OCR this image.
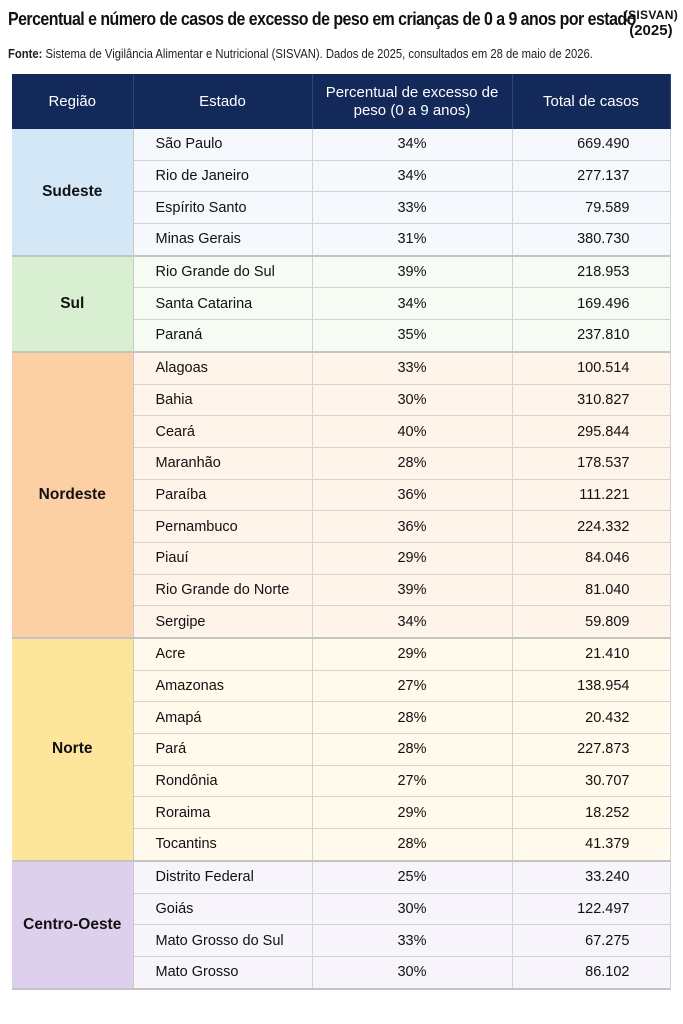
Percentual e número de casos de excesso de peso em crianças de 0 a 9 anos por estado
(SISVAN)
(2025)
Fonte: Sistema de Vigilância Alimentar e Nutricional (SISVAN). Dados de 2025, consultados em 28 de maio de 2026.
Região	Estado	Percentual de excesso de peso (0 a 9 anos)	Total de casos
Sudeste	São Paulo	34%	669.490
	Rio de Janeiro	34%	277.137
	Espírito Santo	33%	79.589
	Minas Gerais	31%	380.730
Sul	Rio Grande do Sul	39%	218.953
	Santa Catarina	34%	169.496
	Paraná	35%	237.810
Nordeste	Alagoas	33%	100.514
	Bahia	30%	310.827
	Ceará	40%	295.844
	Maranhão	28%	178.537
	Paraíba	36%	111.221
	Pernambuco	36%	224.332
	Piauí	29%	84.046
	Rio Grande do Norte	39%	81.040
	Sergipe	34%	59.809
Norte	Acre	29%	21.410
	Amazonas	27%	138.954
	Amapá	28%	20.432
	Pará	28%	227.873
	Rondônia	27%	30.707
	Roraima	29%	18.252
	Tocantins	28%	41.379
Centro-Oeste	Distrito Federal	25%	33.240
	Goiás	30%	122.497
	Mato Grosso do Sul	33%	67.275
	Mato Grosso	30%	86.102
